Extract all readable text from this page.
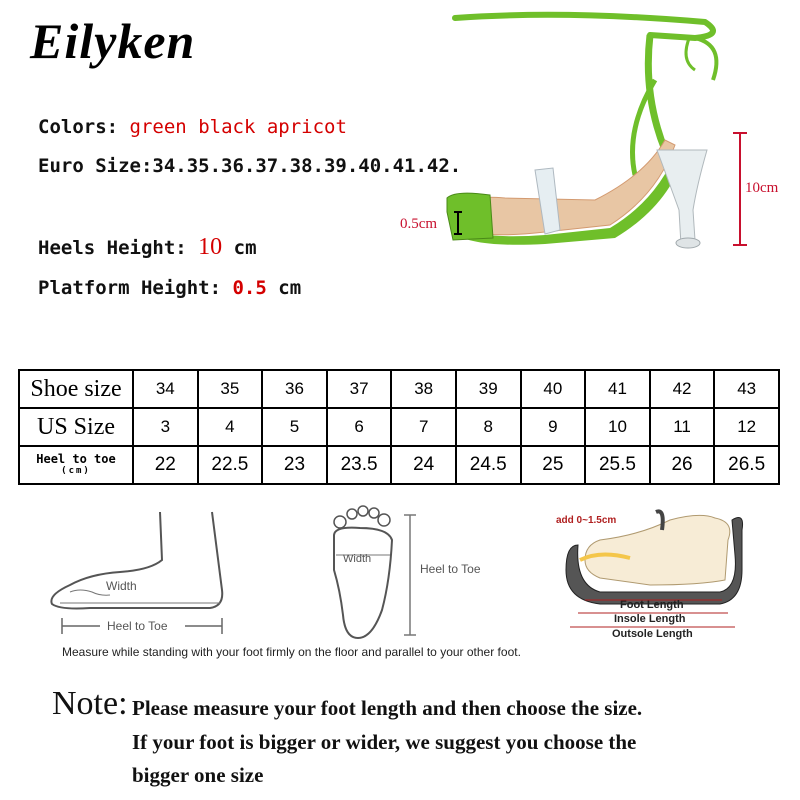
Eilyken
Colors: green black apricot
Euro Size:34.35.36.37.38.39.40.41.42.
Heels Height: 10 cm
Platform Height: 0.5 cm
10cm
0.5cm
Shoe size	34	35	36	37	38	39	40	41	42	43
US Size	3	4	5	6	7	8	9	10	11	12
Heel to toe
(cm)	22	22.5	23	23.5	24	24.5	25	25.5	26	26.5
Width
Heel to Toe
Width
Heel to Toe
add 0~1.5cm
Foot Length
Insole Length
Outsole Length
Measure while standing with your foot firmly on the floor and parallel to your other foot.
Note: Please measure your foot length and then choose the size.
If your foot is bigger or wider, we suggest you choose the
bigger one size
